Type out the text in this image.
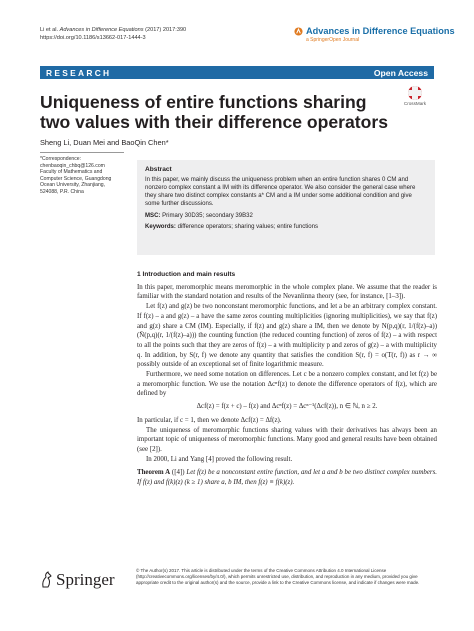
Li et al. Advances in Difference Equations (2017) 2017:390
https://doi.org/10.1186/s13662-017-1444-3
Advances in Difference Equations
a SpringerOpen Journal
RESEARCH	Open Access
CrossMark
Uniqueness of entire functions sharing two values with their difference operators
Sheng Li, Duan Mei and BaoQin Chen*
*Correspondence:
chenbaoqin_chbq@126.com
Faculty of Mathematics and Computer Science, Guangdong Ocean University, Zhanjiang, 524088, P.R. China
Abstract
In this paper, we mainly discuss the uniqueness problem when an entire function shares 0 CM and nonzero complex constant a IM with its difference operator. We also consider the general case where they share two distinct complex constants a* CM and a IM under some additional condition and give some further discussions.
MSC: Primary 30D35; secondary 39B32
Keywords: difference operators; sharing values; entire functions
1 Introduction and main results

In this paper, meromorphic means meromorphic in the whole complex plane. We assume that the reader is familiar with the standard notation and results of the Nevanlinna theory (see, for instance, [1–3]).

Let f(z) and g(z) be two nonconstant meromorphic functions, and let a be an arbitrary complex constant. If f(z) – a and g(z) – a have the same zeros counting multiplicities (ignoring multiplicities), we say that f(z) and g(z) share a CM (IM). Especially, if f(z) and g(z) share a IM, then we denote by N(p,q)(r, 1/(f(z)–a)) (N̄(p,q)(r, 1/(f(z)–a))) the counting function (the reduced counting function) of zeros of f(z) – a with respect to all the points such that they are zeros of f(z) – a with multiplicity p and zeros of g(z) – a with multiplicity q. In addition, by S(r, f) we denote any quantity that satisfies the condition S(r, f) = o(T(r, f)) as r → ∞ possibly outside of an exceptional set of finite logarithmic measure.

Furthermore, we need some notation on differences. Let c be a nonzero complex constant, and let f(z) be a meromorphic function. We use the notation Δcⁿf(z) to denote the difference operators of f(z), which are defined by

Δcf(z) = f(z + c) – f(z) and Δcⁿf(z) = Δcⁿ⁻¹(Δcf(z)), n ∈ ℕ, n ≥ 2.

In particular, if c = 1, then we denote Δcf(z) = Δf(z).

The uniqueness of meromorphic functions sharing values with their derivatives has always been an important topic of uniqueness of meromorphic functions. Many good and general results have been obtained (see [2]).

In 2000, Li and Yang [4] proved the following result.

Theorem A ([4]) Let f(z) be a nonconstant entire function, and let a and b be two distinct complex numbers. If f(z) and f(k)(z) (k ≥ 1) share a, b IM, then f(z) ≡ f(k)(z).

Springer	© The Author(s) 2017. This article is distributed under the terms of the Creative Commons Attribution 4.0 International License (http://creativecommons.org/licenses/by/4.0/), which permits unrestricted use, distribution, and reproduction in any medium, provided you give appropriate credit to the original author(s) and the source, provide a link to the Creative Commons license, and indicate if changes were made.
